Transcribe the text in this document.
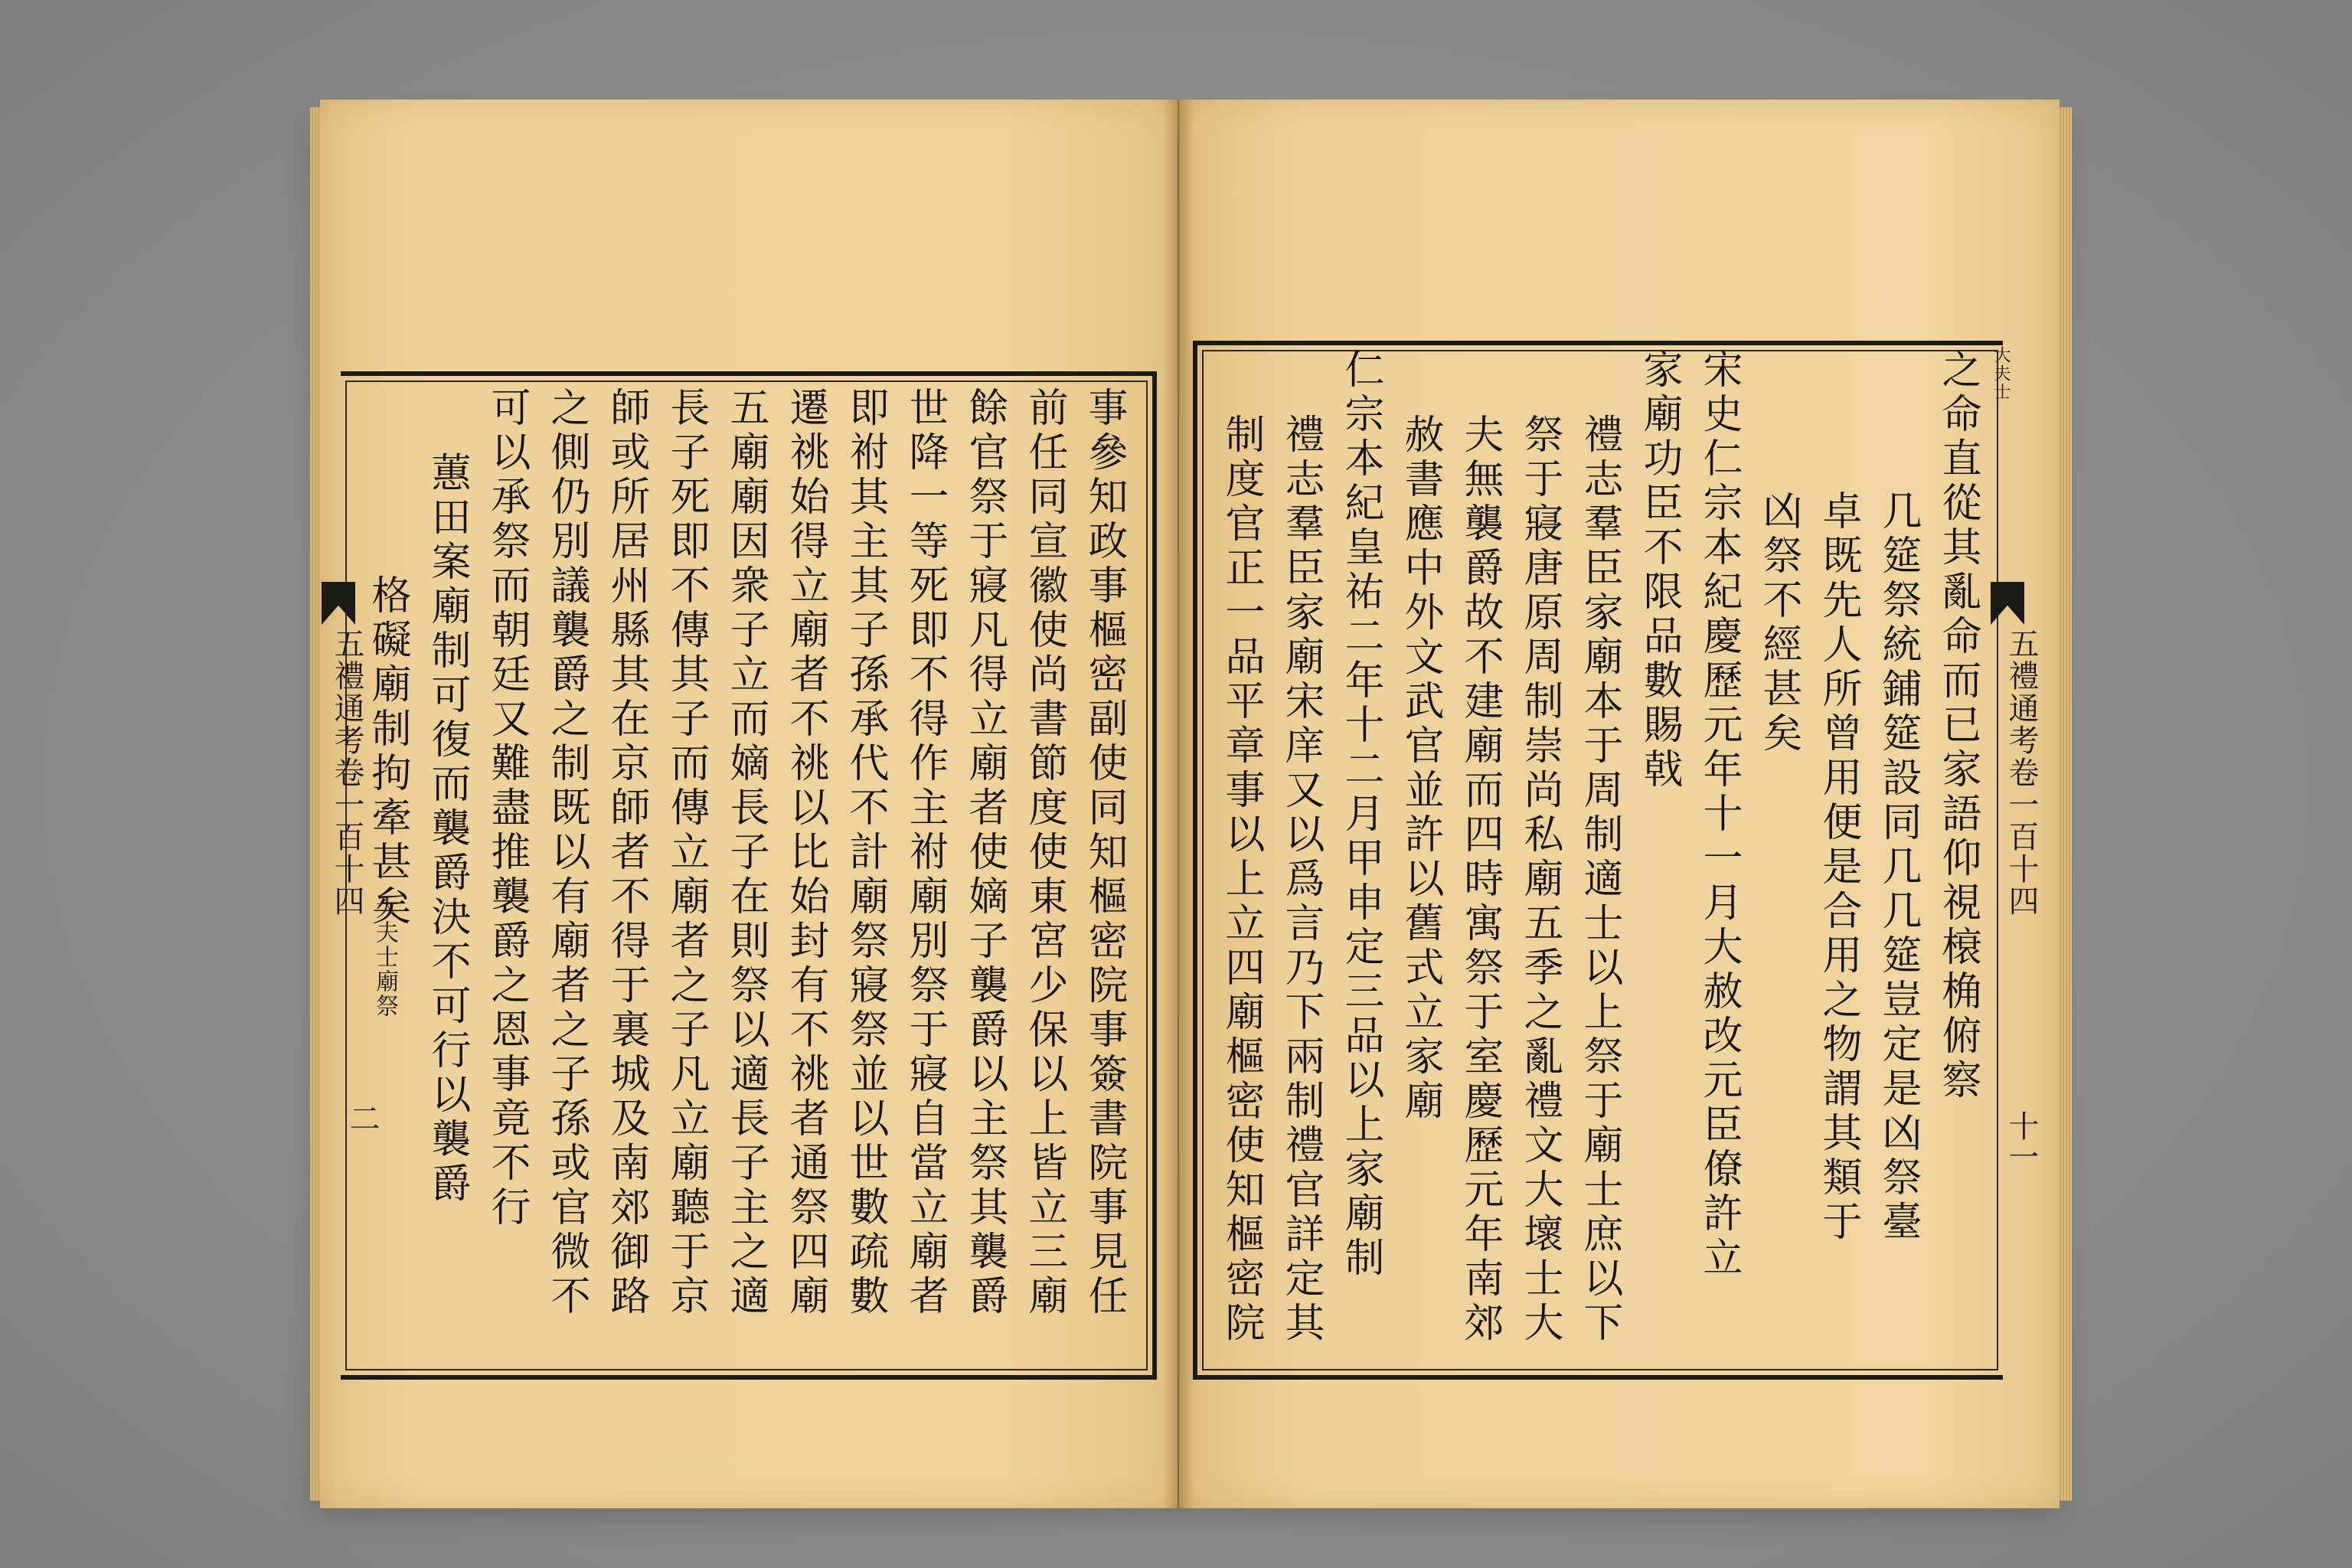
事參知政事樞密副使同知樞密院事簽書院事見任
前任同宣徽使尚書節度使東宮少保以上皆立三廟
餘官祭于寢凡得立廟者使嫡子襲爵以主祭其襲爵
世降一等死即不得作主祔廟別祭于寢自當立廟者
即祔其主其子孫承代不計廟祭寢祭並以世數疏數
遷祧始得立廟者不祧以比始封有不祧者通祭四廟
五廟廟因衆子立而嫡長子在則祭以適長子主之適
長子死即不傳其子而傳立廟者之子凡立廟聽于京
師或所居州縣其在京師者不得于裏城及南郊御路
之側仍別議襲爵之制既以有廟者之子孫或官微不
可以承祭而朝廷又難盡推襲爵之恩事竟不行
蕙田案廟制可復而襲爵決不可行以襲爵
格礙廟制拘牽甚矣
五禮通考卷一百十四
大夫士廟祭
二
之命直從其亂命而已家語仰視榱桷俯察
几筵祭統鋪筵設同几几筵豈定是凶祭臺
卓既先人所曾用便是合用之物謂其類于
凶祭不經甚矣
宋史仁宗本紀慶歷元年十一月大赦改元臣僚許立
家廟功臣不限品數賜戟
禮志羣臣家廟本于周制適士以上祭于廟士庶以下
祭于寢唐原周制崇尚私廟五季之亂禮文大壞士大
夫無襲爵故不建廟而四時寓祭于室慶歷元年南郊
赦書應中外文武官並許以舊式立家廟
仁宗本紀皇祐二年十二月甲申定三品以上家廟制
禮志羣臣家廟宋庠又以爲言乃下兩制禮官詳定其
制度官正一品平章事以上立四廟樞密使知樞密院	五禮通考卷一百十四
十一
大夫士
